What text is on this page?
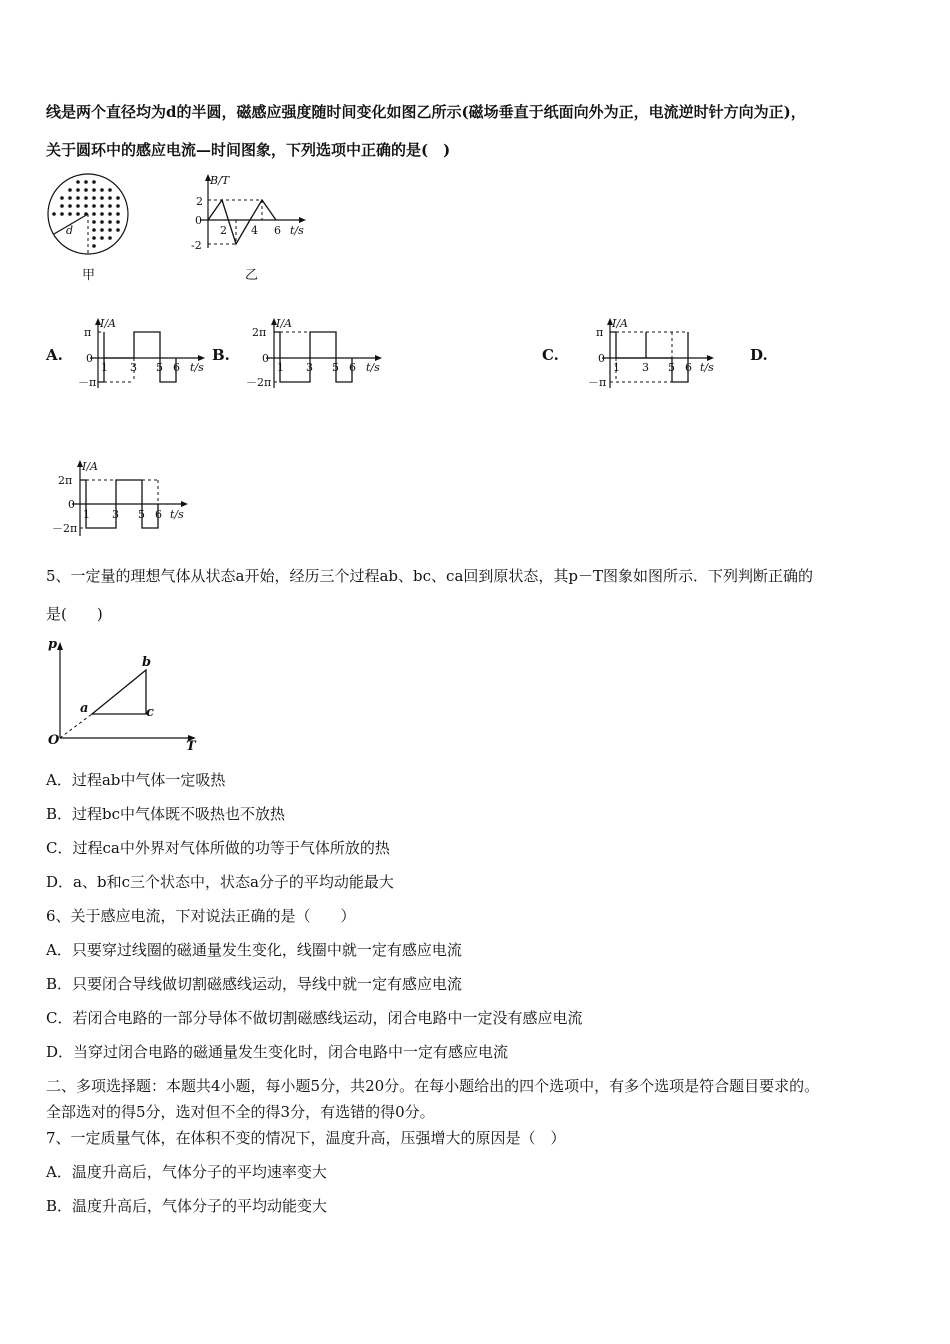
线是两个直径均为d的半圆，磁感应强度随时间变化如图乙所示(磁场垂直于纸面向外为正，电流逆时针方向为正)，
关于圆环中的感应电流—时间图象，下列选项中正确的是(　)
d
甲
B/T
t/s
0
2
-2
2 4 6
乙
A.
I/A
t/s
0
π
－π
1 3 5 6
B.
I/A
t/s
0
2π
－2π
1 3 5 6
C.
I/A
t/s
0
π
－π
1 3 5 6
D.
I/A
t/s
0
2π
－2π
1 3 5 6
5、一定量的理想气体从状态a开始，经历三个过程ab、bc、ca回到原状态，其p－T图象如图所示．下列判断正确的
是(　　)
p
T
O
a
b
c
A．过程ab中气体一定吸热
B．过程bc中气体既不吸热也不放热
C．过程ca中外界对气体所做的功等于气体所放的热
D．a、b和c三个状态中，状态a分子的平均动能最大
6、关于感应电流，下对说法正确的是（　　）
A．只要穿过线圈的磁通量发生变化，线圈中就一定有感应电流
B．只要闭合导线做切割磁感线运动，导线中就一定有感应电流
C．若闭合电路的一部分导体不做切割磁感线运动，闭合电路中一定没有感应电流
D．当穿过闭合电路的磁通量发生变化时，闭合电路中一定有感应电流
二、多项选择题：本题共4小题，每小题5分，共20分。在每小题给出的四个选项中，有多个选项是符合题目要求的。
全部选对的得5分，选对但不全的得3分，有选错的得0分。
7、一定质量气体，在体积不变的情况下，温度升高，压强增大的原因是（　）
A．温度升高后，气体分子的平均速率变大
B．温度升高后，气体分子的平均动能变大
